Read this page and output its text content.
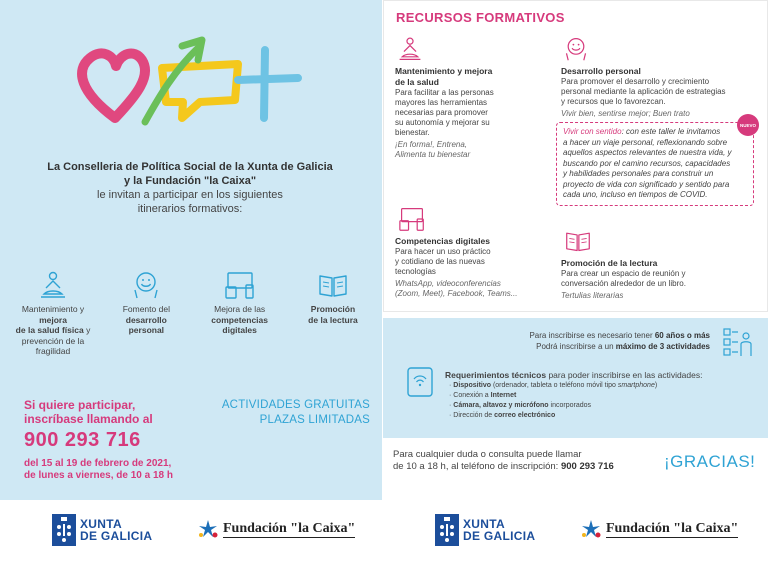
La Conselleria de Política Social de la Xunta de Galicia
y la Fundación "la Caixa"
le invitan a participar en los siguientes
itinerarios formativos:
Mantenimiento y mejora
de la salud física y
prevención de la fragilidad
Fomento del
desarrollo
personal
Mejora de las
competencias
digitales
Promoción
de la lectura
Si quiere participar,
inscríbase llamando al
900 293 716
del 15 al 19 de febrero de 2021,
de lunes a viernes, de 10 a 18 h
ACTIVIDADES GRATUITAS
PLAZAS LIMITADAS
RECURSOS FORMATIVOS
Mantenimiento y mejora
de la salud
Para facilitar a las personas
mayores las herramientas
necesarias para promover
su autonomía y mejorar su
bienestar.
¡En forma!, Entrena,
Alimenta tu bienestar
Desarrollo personal
Para promover el desarrollo y crecimiento
personal mediante la aplicación de estrategias
y recursos que lo favorezcan.
Vivir bien, sentirse mejor; Buen trato
Vivir con sentido: con este taller le invitamos
a hacer un viaje personal, reflexionando sobre
aquellos aspectos relevantes de nuestra vida, y
buscando por el camino recursos, capacidades
y habilidades personales para construir un
proyecto de vida con significado y sentido para
cada uno, incluso en tiempos de COVID.
NUEVO
Competencias digitales
Para hacer un uso práctico
y cotidiano de las nuevas
tecnologías
WhatsApp, videoconferencias
(Zoom, Meet), Facebook, Teams...
Promoción de la lectura
Para crear un espacio de reunión y
conversación alrededor de un libro.
Tertulias literarias
Para inscribirse es necesario tener 60 años o más
Podrá inscribirse a un máximo de 3 actividades
Requerimientos técnicos para poder inscribirse en las actividades:
· Dispositivo (ordenador, tableta o teléfono móvil tipo smartphone)
· Conexión a Internet
· Cámara, altavoz y micrófono incorporados
· Dirección de correo electrónico
Para cualquier duda o consulta puede llamar
de 10 a 18 h, al teléfono de inscripción: 900 293 716	¡GRACIAS!
XUNTA
DE GALICIA
Fundación "la Caixa"	XUNTA
DE GALICIA
Fundación "la Caixa"
